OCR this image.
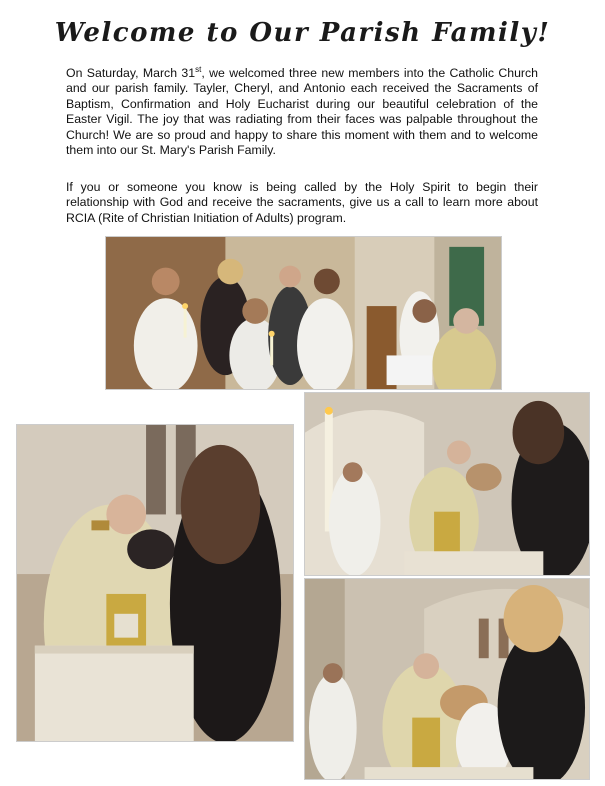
Welcome to Our Parish Family!

On Saturday, March 31st, we welcomed three new members into the Catholic Church and our parish family. Tayler, Cheryl, and Antonio each received the Sacraments of Baptism, Confirmation and Holy Eucharist during our beautiful celebration of the Easter Vigil. The joy that was radiating from their faces was palpable throughout the Church! We are so proud and happy to share this moment with them and to welcome them into our St. Mary's Parish Family.

If you or someone you know is being called by the Holy Spirit to begin their relationship with God and receive the sacraments, give us a call to learn more about RCIA (Rite of Christian Initiation of Adults) program.
